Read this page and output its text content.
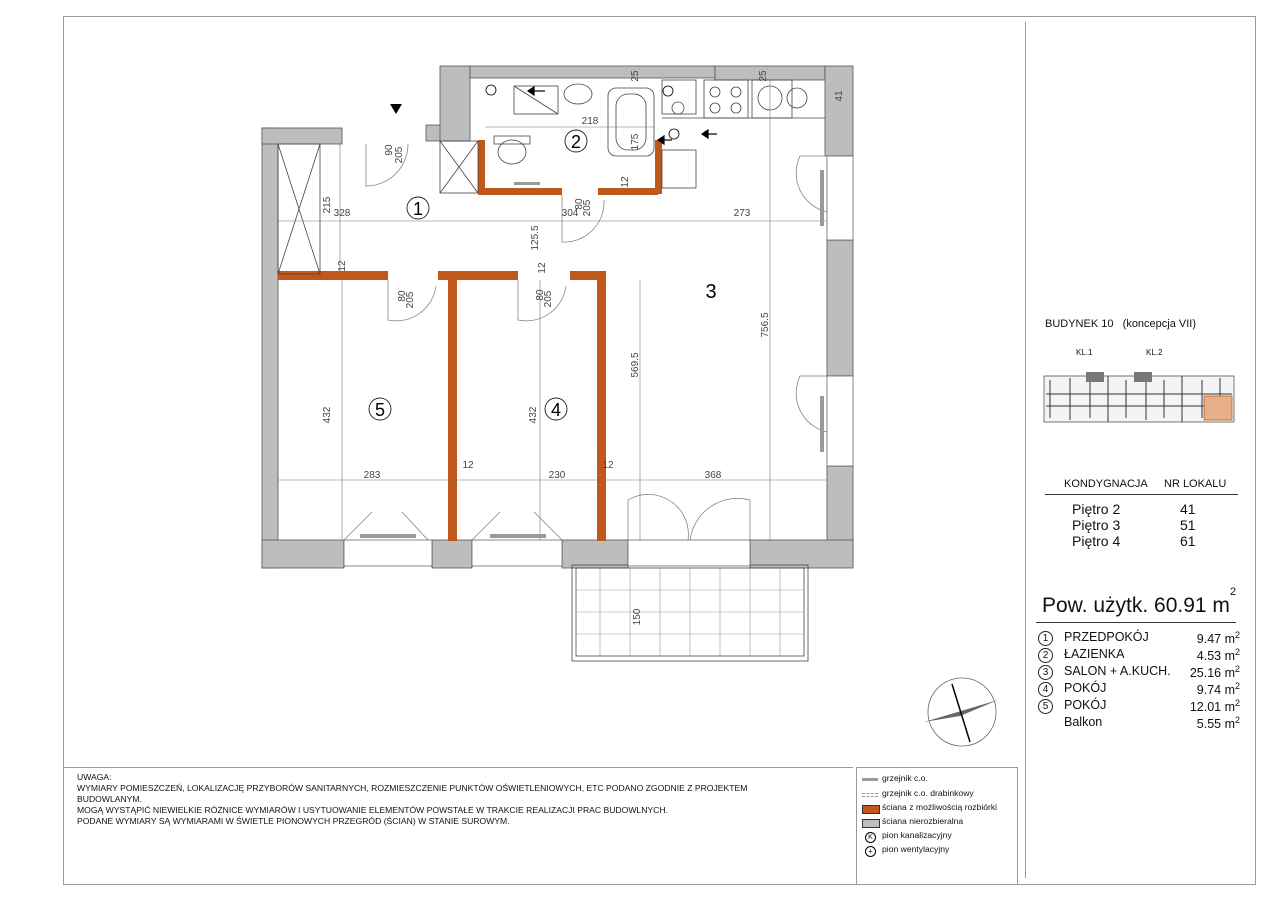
1
2
3
4
5
328	304	273
215
125.5
218
175
25	25
41
12	12
12	12
12
569.5
756.5
432	432
283	230	368
150
90 205
80
205	80
205
80
205
BUDYNEK 10 (koncepcja VII)
KL.1	KL.2
KONDYGNACJA NR LOKALU
Piętro 2	41
Piętro 3	51
Piętro 4	61
Pow. użytk. 60.91 $m^2$
1	PRZEDPOKÓJ	9.47 $m^2$
2	ŁAZIENKA	4.53 $m^2$
3	SALON + A.KUCH. 25.16 $m^2$
4	POKÓJ	9.74 $m^2$
5	POKÓJ	12.01 $m^2$
Balkon	5.55 $m^2$
UWAGA:
WYMIARY POMIESZCZEŃ, LOKALIZACJĘ PRZYBORÓW SANITARNYCH, ROZMIESZCZENIE PUNKTÓW OŚWIETLENIOWYCH, ETC PODANO ZGODNIE Z PROJEKTEM
BUDOWLANYM.
MOGĄ WYSTĄPIĆ NIEWIELKIE RÓŻNICE WYMIARÓW I USYTUOWANIE ELEMENTÓW POWSTAŁE W TRAKCIE REALIZACJI PRAC BUDOWLNYCH.
PODANE WYMIARY SĄ WYMIARAMI W ŚWIETLE PIONOWYCH PRZEGRÓD (ŚCIAN) W STANIE SUROWYM.
grzejnik c.o.
grzejnik c.o. drabinkowy
ściana z możliwością rozbiórki
ściana nierozbieralna
K	pion kanalizacyjny
+	pion wentylacyjny
